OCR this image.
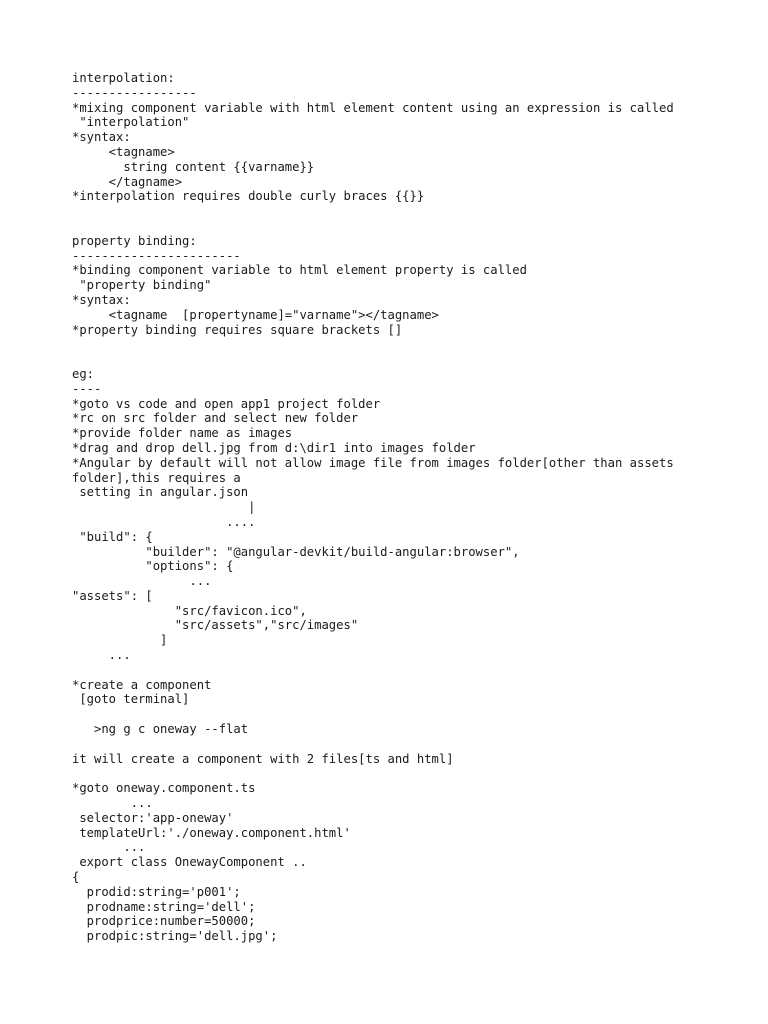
interpolation:
-----------------
*mixing component variable with html element content using an expression is called
"interpolation"
*syntax:
<tagname>
string content {{varname}}
</tagname>
*interpolation requires double curly braces {{}}
property binding:
-----------------------
*binding component variable to html element property is called
"property binding"
*syntax:
<tagname  [propertyname]="varname"></tagname>
*property binding requires square brackets []
eg:
----
*goto vs code and open app1 project folder
*rc on src folder and select new folder
*provide folder name as images
*drag and drop dell.jpg from d:\dir1 into images folder
*Angular by default will not allow image file from images folder[other than assets
folder],this requires a
setting in angular.json
|
....
"build": {
"builder": "@angular-devkit/build-angular:browser",
"options": {
...
"assets": [
"src/favicon.ico",
"src/assets","src/images"
]
...
*create a component
[goto terminal]
>ng g c oneway --flat
it will create a component with 2 files[ts and html]
*goto oneway.component.ts
...
selector:'app-oneway'
templateUrl:'./oneway.component.html'
...
export class OnewayComponent ..
{
prodid:string='p001';
prodname:string='dell';
prodprice:number=50000;
prodpic:string='dell.jpg';
